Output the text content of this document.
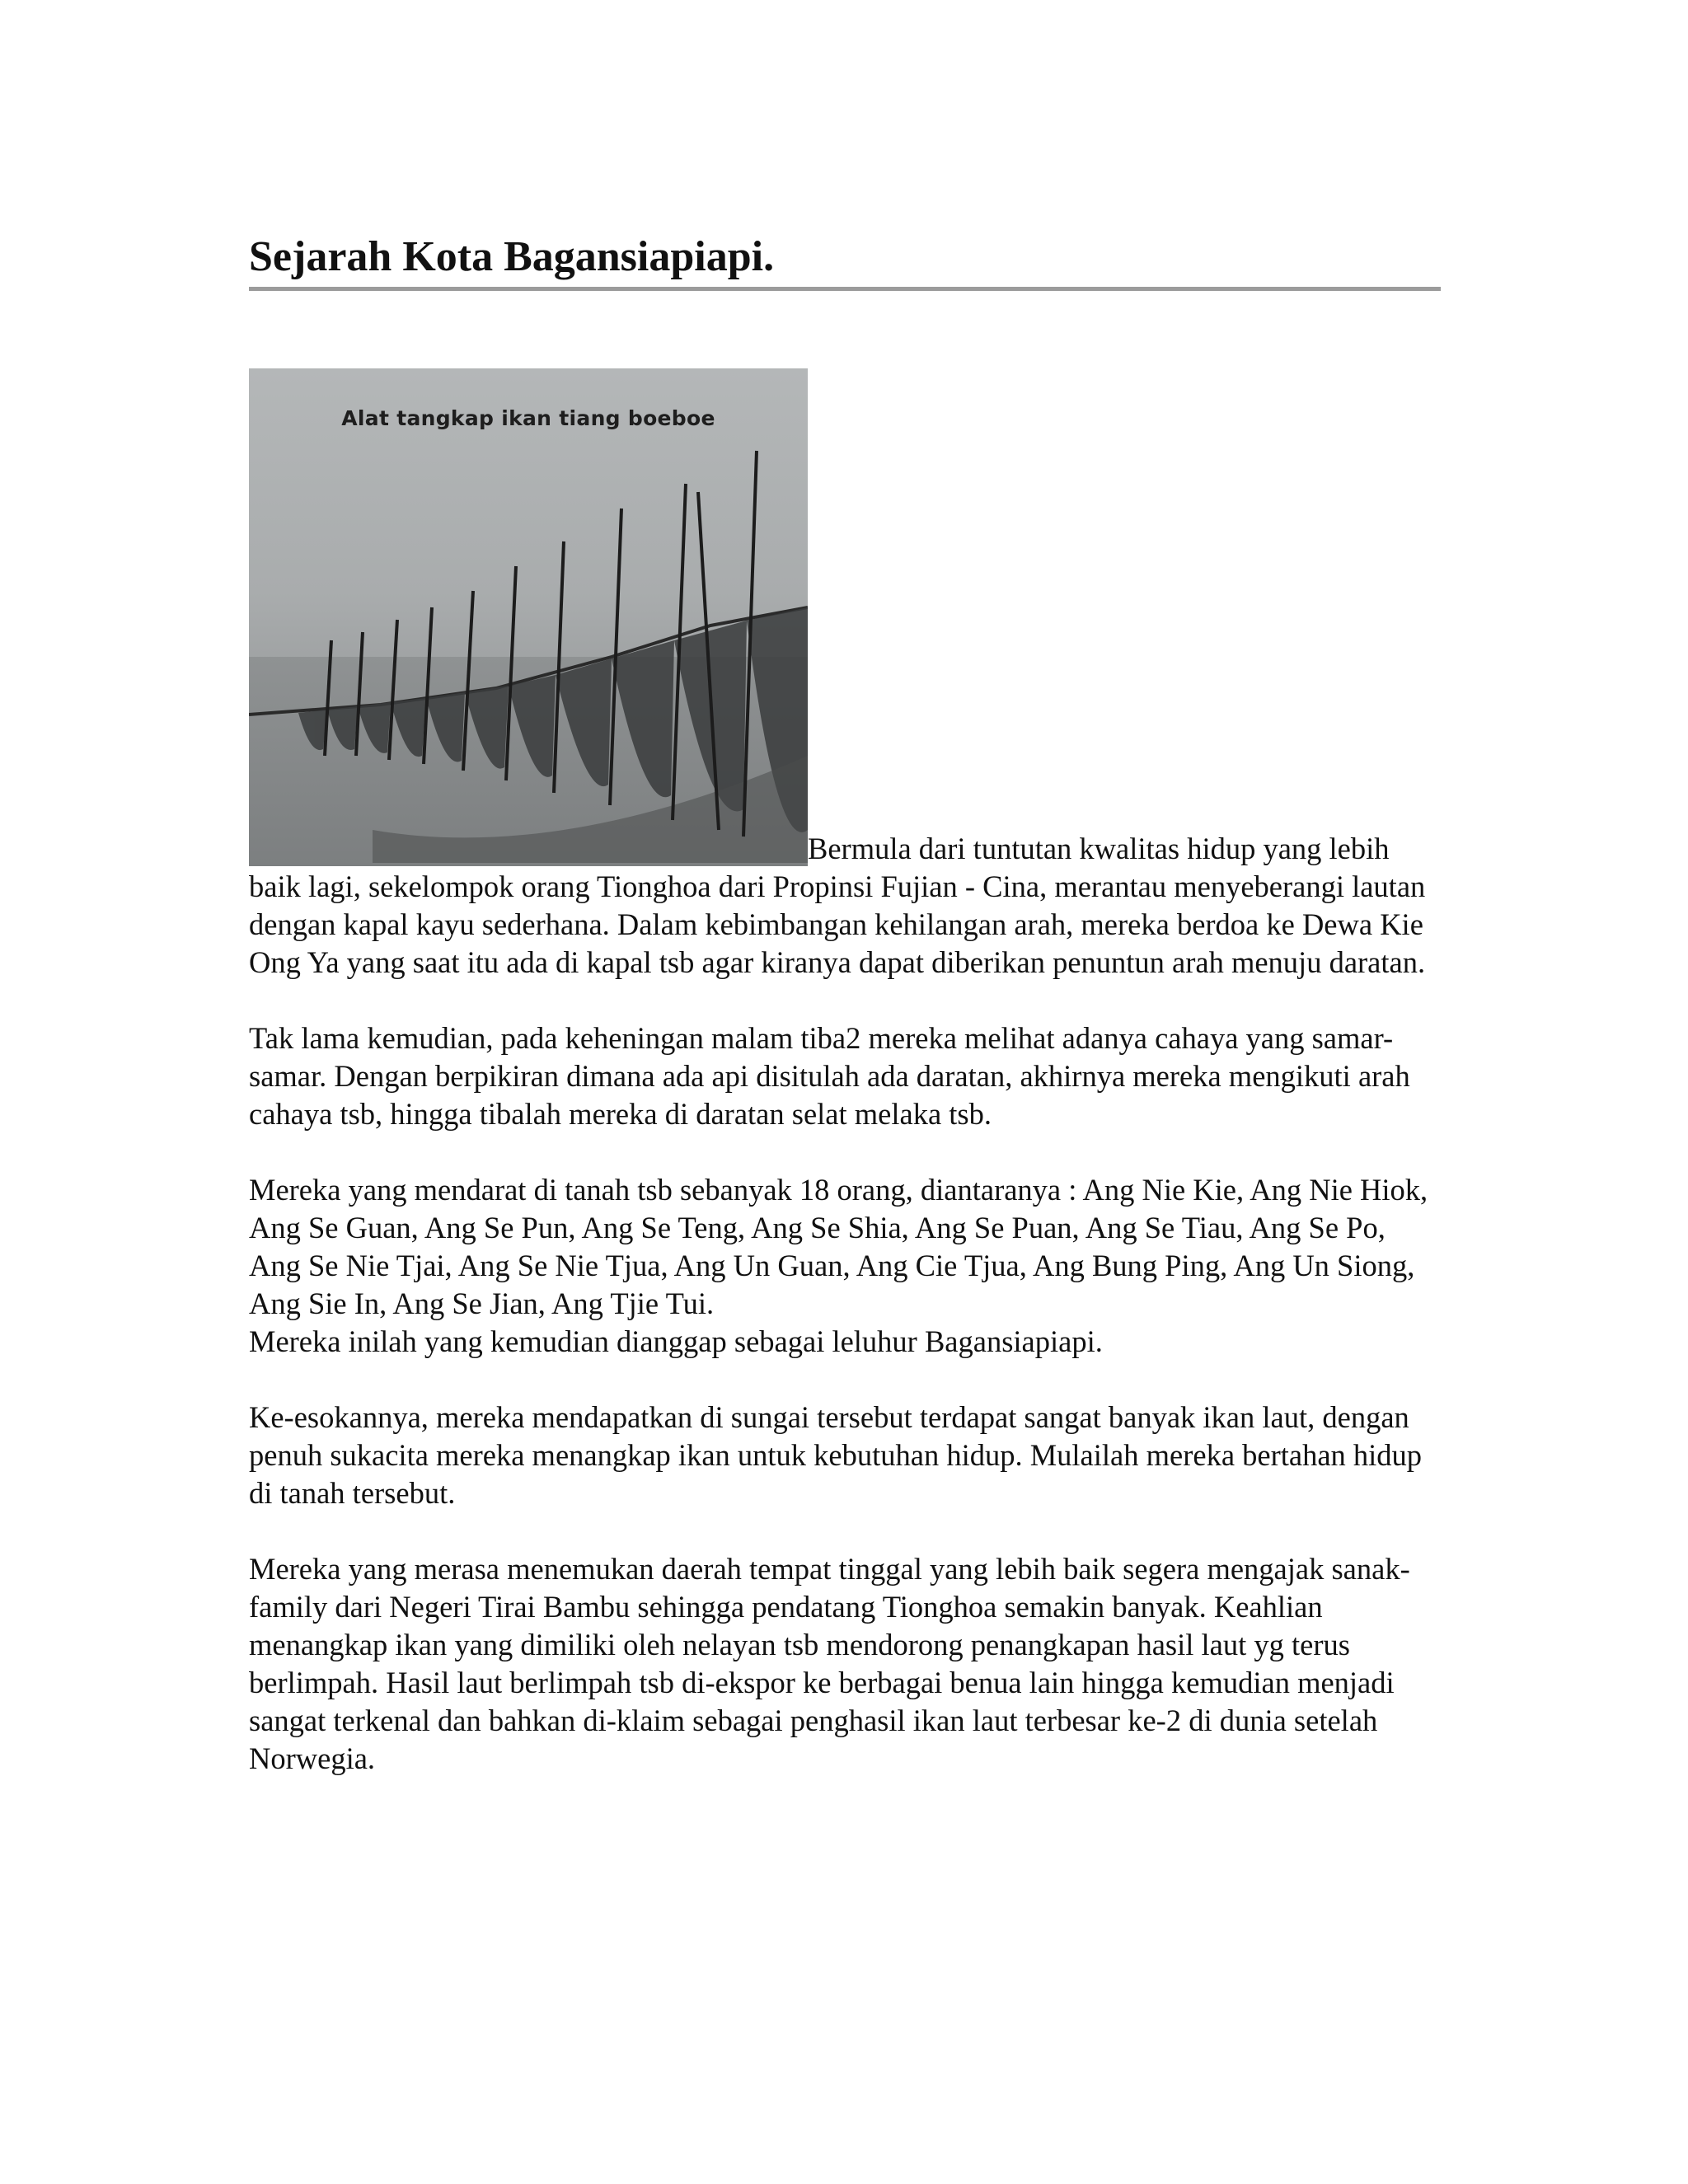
Sejarah Kota Bagansiapiapi.

Alat tangkap ikan tiang boeboe
Bermula dari tuntutan kwalitas hidup yang lebih baik lagi, sekelompok orang Tionghoa dari Propinsi Fujian - Cina, merantau menyeberangi lautan dengan kapal kayu sederhana. Dalam kebimbangan kehilangan arah, mereka berdoa ke Dewa Kie Ong Ya yang saat itu ada di kapal tsb agar kiranya dapat diberikan penuntun arah menuju daratan.

Tak lama kemudian, pada keheningan malam tiba2 mereka melihat adanya cahaya yang samar-samar. Dengan berpikiran dimana ada api disitulah ada daratan, akhirnya mereka mengikuti arah cahaya tsb, hingga tibalah mereka di daratan selat melaka tsb.

Mereka yang mendarat di tanah tsb sebanyak 18 orang, diantaranya : Ang Nie Kie, Ang Nie Hiok, Ang Se Guan, Ang Se Pun, Ang Se Teng, Ang Se Shia, Ang Se Puan, Ang Se Tiau, Ang Se Po, Ang Se Nie Tjai, Ang Se Nie Tjua, Ang Un Guan, Ang Cie Tjua, Ang Bung Ping, Ang Un Siong, Ang Sie In, Ang Se Jian, Ang Tjie Tui.
Mereka inilah yang kemudian dianggap sebagai leluhur Bagansiapiapi.

Ke-esokannya, mereka mendapatkan di sungai tersebut terdapat sangat banyak ikan laut, dengan penuh sukacita mereka menangkap ikan untuk kebutuhan hidup. Mulailah mereka bertahan hidup di tanah tersebut.

Mereka yang merasa menemukan daerah tempat tinggal yang lebih baik segera mengajak sanak-family dari Negeri Tirai Bambu sehingga pendatang Tionghoa semakin banyak. Keahlian menangkap ikan yang dimiliki oleh nelayan tsb mendorong penangkapan hasil laut yg terus berlimpah. Hasil laut berlimpah tsb di-ekspor ke berbagai benua lain hingga kemudian menjadi sangat terkenal dan bahkan di-klaim sebagai penghasil ikan laut terbesar ke-2 di dunia setelah Norwegia.
